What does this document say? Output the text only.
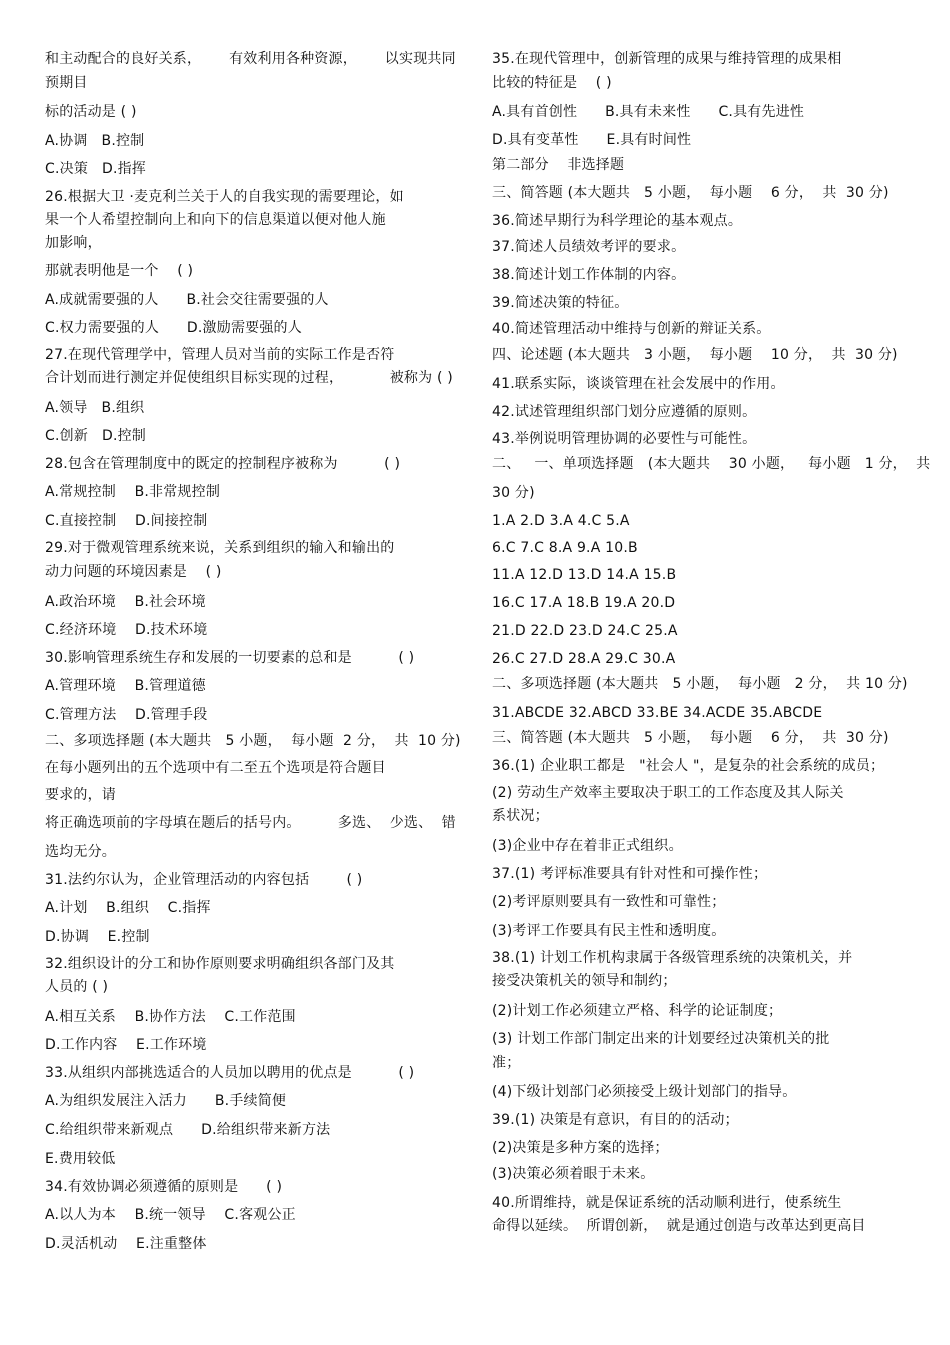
和主动配合的良好关系，      有效利用各种资源，      以实现共同
预期目
标的活动是 ( )
A.协调   B.控制
C.决策   D.指挥
26.根据大卫 ·麦克利兰关于人的自我实现的需要理论，如
果一个人希望控制向上和向下的信息渠道以便对他人施
加影响，
那就表明他是一个    ( )
A.成就需要强的人      B.社会交往需要强的人
C.权力需要强的人      D.激励需要强的人
27.在现代管理学中，管理人员对当前的实际工作是否符
合计划而进行测定并促使组织目标实现的过程，          被称为 ( )
A.领导   B.组织
C.创新   D.控制
28.包含在管理制度中的既定的控制程序被称为          ( )
A.常规控制    B.非常规控制
C.直接控制    D.间接控制
29.对于微观管理系统来说，关系到组织的输入和输出的
动力问题的环境因素是    ( )
A.政治环境    B.社会环境
C.经济环境    D.技术环境
30.影响管理系统生存和发展的一切要素的总和是          ( )
A.管理环境    B.管理道德
C.管理方法    D.管理手段
二、多项选择题 (本大题共   5 小题，  每小题  2 分，  共  10 分)
在每小题列出的五个选项中有二至五个选项是符合题目
要求的，请
将正确选项前的字母填在题后的括号内。        多选、  少选、  错
选均无分。
31.法约尔认为，企业管理活动的内容包括        ( )
A.计划    B.组织    C.指挥
D.协调    E.控制
32.组织设计的分工和协作原则要求明确组织各部门及其
人员的 ( )
A.相互关系    B.协作方法    C.工作范围
D.工作内容    E.工作环境
33.从组织内部挑选适合的人员加以聘用的优点是          ( )
A.为组织发展注入活力      B.手续简便
C.给组织带来新观点      D.给组织带来新方法
E.费用较低
34.有效协调必须遵循的原则是      ( )
A.以人为本    B.统一领导    C.客观公正
D.灵活机动    E.注重整体
35.在现代管理中，创新管理的成果与维持管理的成果相
比较的特征是    ( )
A.具有首创性      B.具有未来性      C.具有先进性
D.具有变革性      E.具有时间性
第二部分    非选择题
三、简答题 (本大题共   5 小题，  每小题    6 分，  共  30 分)
36.简述早期行为科学理论的基本观点。
37.简述人员绩效考评的要求。
38.简述计划工作体制的内容。
39.简述决策的特征。
40.简述管理活动中维持与创新的辩证关系。
四、论述题 (本大题共   3 小题，  每小题    10 分，  共  30 分)
41.联系实际，谈谈管理在社会发展中的作用。
42.试述管理组织部门划分应遵循的原则。
43.举例说明管理协调的必要性与可能性。
二、   一、单项选择题   (本大题共    30 小题，   每小题   1 分，  共
30 分)
1.A 2.D 3.A 4.C 5.A
6.C 7.C 8.A 9.A 10.B
11.A 12.D 13.D 14.A 15.B
16.C 17.A 18.B 19.A 20.D
21.D 22.D 23.D 24.C 25.A
26.C 27.D 28.A 29.C 30.A
二、多项选择题 (本大题共   5 小题，  每小题   2 分，  共 10 分)
31.ABCDE 32.ABCD 33.BE 34.ACDE 35.ABCDE
三、简答题 (本大题共   5 小题，  每小题    6 分，  共  30 分)
36.(1) 企业职工都是   "社会人 "，是复杂的社会系统的成员；
(2) 劳动生产效率主要取决于职工的工作态度及其人际关
系状况；
(3)企业中存在着非正式组织。
37.(1) 考评标准要具有针对性和可操作性；
(2)考评原则要具有一致性和可靠性；
(3)考评工作要具有民主性和透明度。
38.(1) 计划工作机构隶属于各级管理系统的决策机关，并
接受决策机关的领导和制约；
(2)计划工作必须建立严格、科学的论证制度；
(3) 计划工作部门制定出来的计划要经过决策机关的批
准；
(4)下级计划部门必须接受上级计划部门的指导。
39.(1) 决策是有意识，有目的的活动；
(2)决策是多种方案的选择；
(3)决策必须着眼于未来。
40.所谓维持，就是保证系统的活动顺利进行，使系统生
命得以延续。  所谓创新，  就是通过创造与改革达到更高目
